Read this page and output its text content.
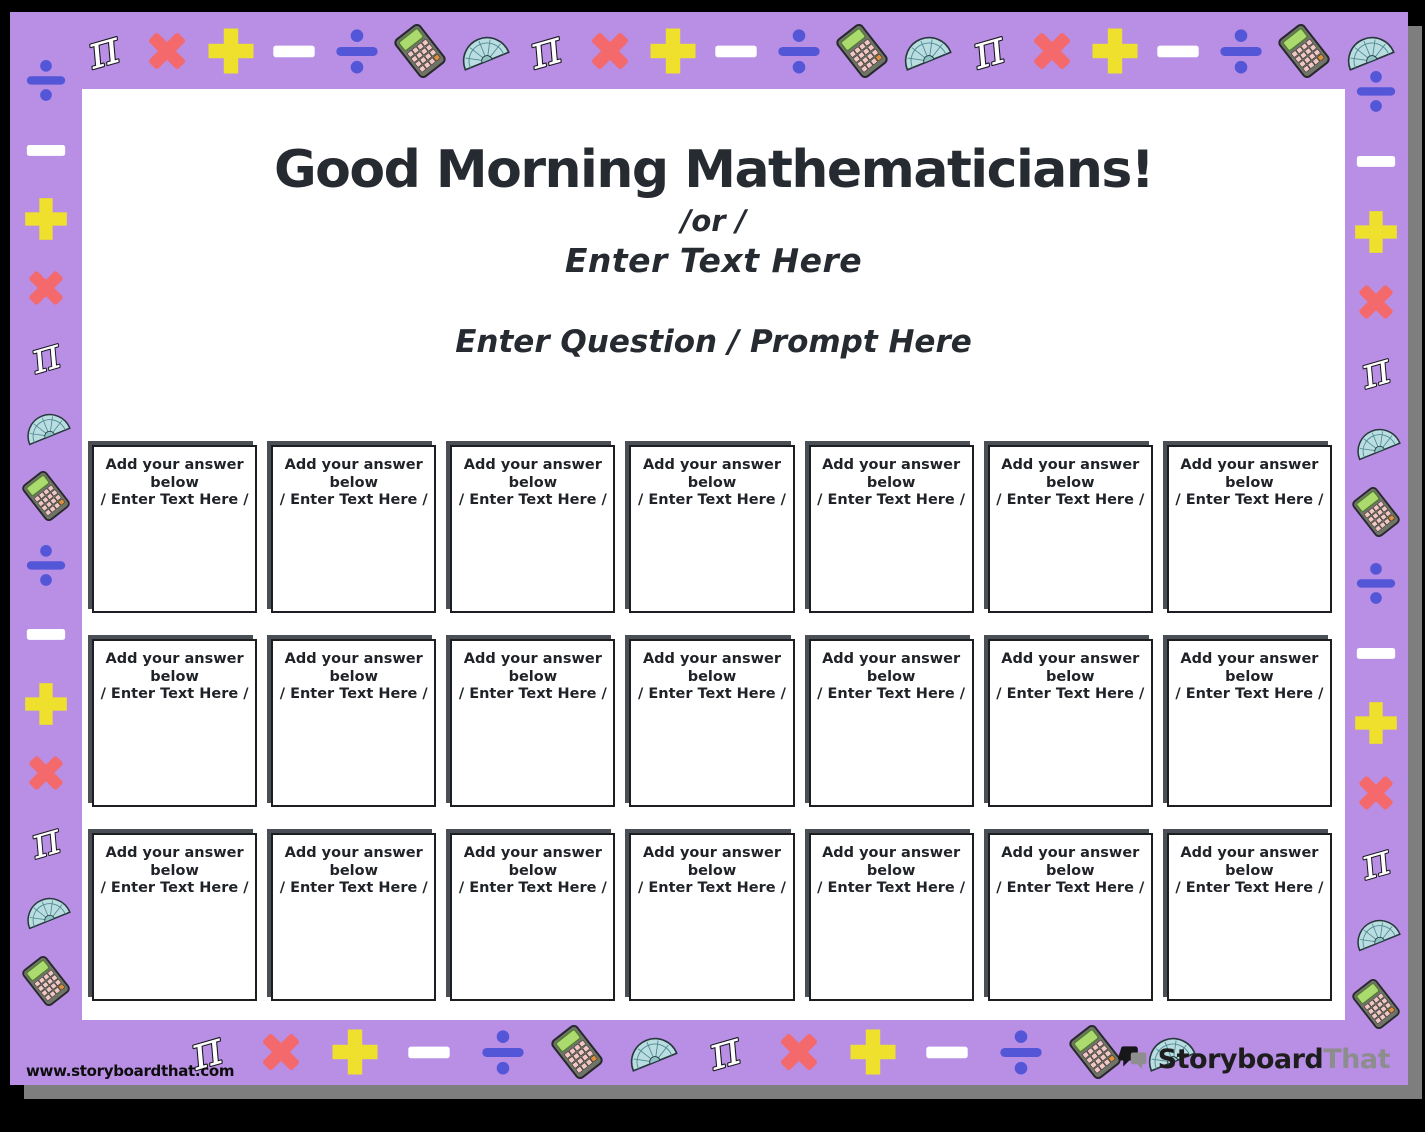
π	π	π
π	π
π
π
π
π
Good Morning Mathematicians!
/or /
Enter Text Here
Enter Question / Prompt Here

Add your answer below

/ Enter Text Here /

Add your answer below

/ Enter Text Here /

Add your answer below

/ Enter Text Here /

Add your answer below

/ Enter Text Here /

Add your answer below

/ Enter Text Here /

Add your answer below

/ Enter Text Here /

Add your answer below

/ Enter Text Here /

Add your answer below

/ Enter Text Here /

Add your answer below

/ Enter Text Here /

Add your answer below

/ Enter Text Here /

Add your answer below

/ Enter Text Here /

Add your answer below

/ Enter Text Here /

Add your answer below

/ Enter Text Here /

Add your answer below

/ Enter Text Here /

Add your answer below

/ Enter Text Here /

Add your answer below

/ Enter Text Here /

Add your answer below

/ Enter Text Here /

Add your answer below

/ Enter Text Here /

Add your answer below

/ Enter Text Here /

Add your answer below

/ Enter Text Here /

Add your answer below

/ Enter Text Here /

www.storyboardthat.com	StoryboardThat
